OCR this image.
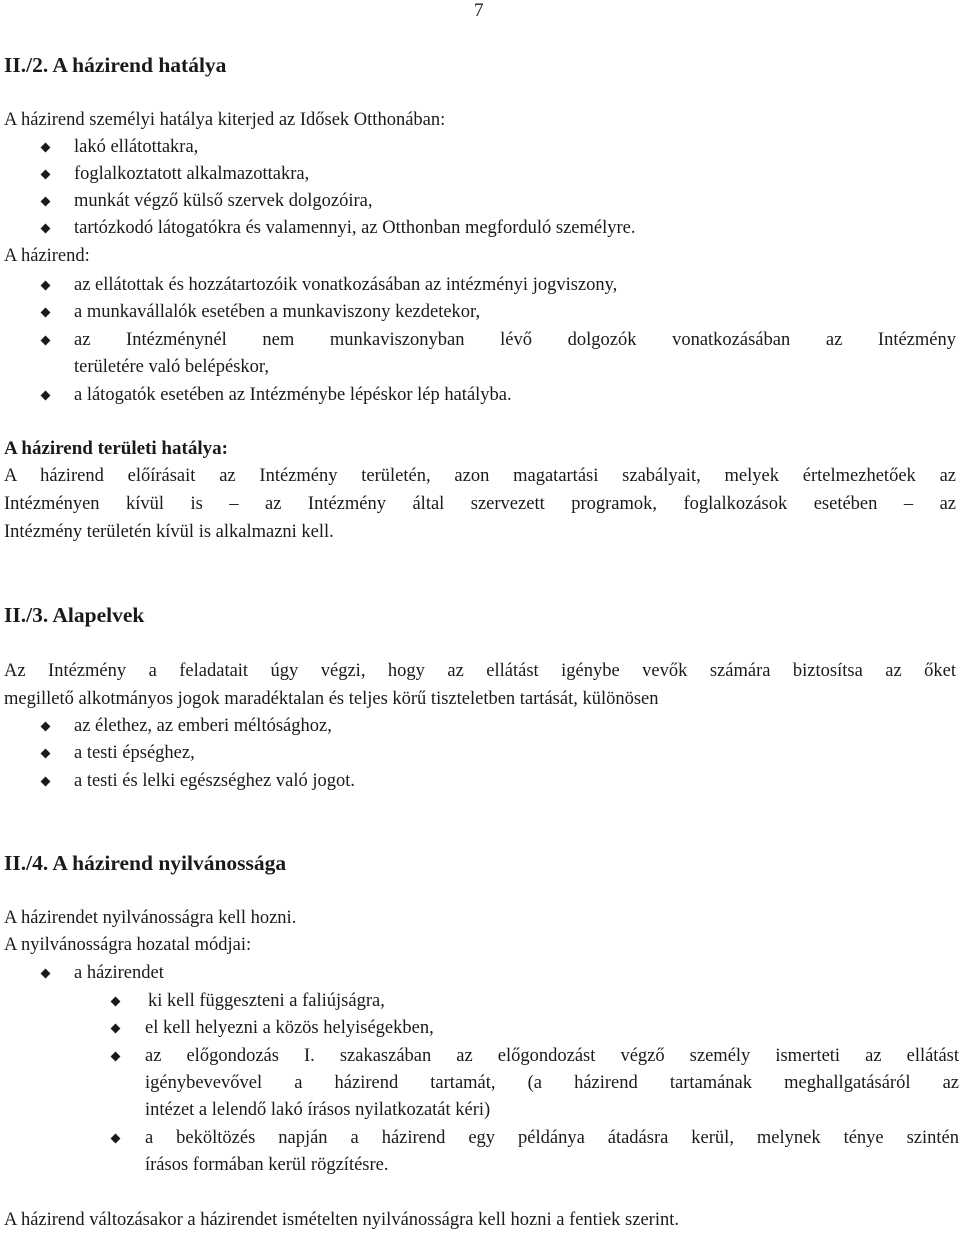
7
II./2. A házirend hatálya
A házirend személyi hatálya kiterjed az Idősek Otthonában:
lakó ellátottakra,
foglalkoztatott alkalmazottakra,
munkát végző külső szervek dolgozóira,
tartózkodó látogatókra és valamennyi, az Otthonban megforduló személyre.
A házirend:
az ellátottak és hozzátartozóik vonatkozásában az intézményi jogviszony,
a munkavállalók esetében a munkaviszony kezdetekor,
az Intézménynél nem munkaviszonyban lévő dolgozók vonatkozásában az Intézmény
területére való belépéskor,
a látogatók esetében az Intézménybe lépéskor lép hatályba.
A házirend területi hatálya:
A házirend előírásait az Intézmény területén, azon magatartási szabályait, melyek értelmezhetőek az
Intézményen kívül is – az Intézmény által szervezett programok, foglalkozások esetében – az
Intézmény területén kívül is alkalmazni kell.
II./3. Alapelvek
Az Intézmény a feladatait úgy végzi, hogy az ellátást igénybe vevők számára biztosítsa az őket
megillető alkotmányos jogok maradéktalan és teljes körű tiszteletben tartását, különösen
az élethez, az emberi méltósághoz,
a testi épséghez,
a testi és lelki egészséghez való jogot.
II./4. A házirend nyilvánossága
A házirendet nyilvánosságra kell hozni.
A nyilvánosságra hozatal módjai:
a házirendet
ki kell függeszteni a faliújságra,
el kell helyezni a közös helyiségekben,
az előgondozás I. szakaszában az előgondozást végző személy ismerteti az ellátást
igénybevevővel a házirend tartamát, (a házirend tartamának meghallgatásáról az
intézet a lelendő lakó írásos nyilatkozatát kéri)
a beköltözés napján a házirend egy példánya átadásra kerül, melynek ténye szintén
írásos formában kerül rögzítésre.
A házirend változásakor a házirendet ismételten nyilvánosságra kell hozni a fentiek szerint.
